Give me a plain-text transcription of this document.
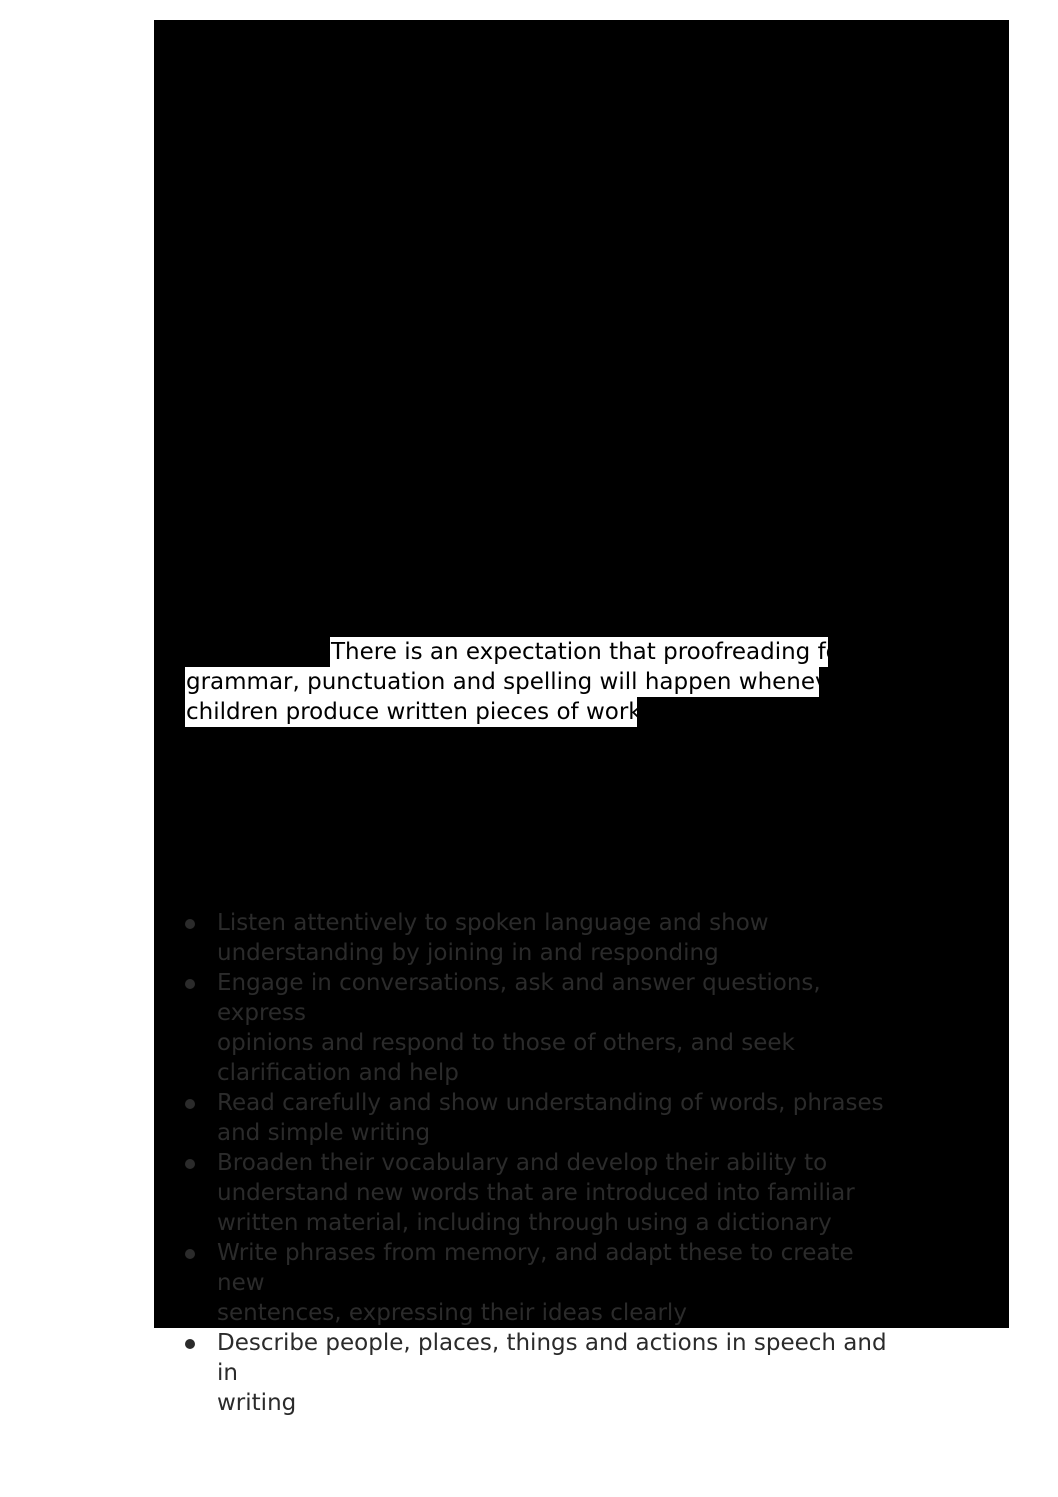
There is an expectation that proofreading for
grammar, punctuation and spelling will happen whenever
children produce written pieces of work.
Listen attentively to spoken language and show
understanding by joining in and responding
Engage in conversations, ask and answer questions, express
opinions and respond to those of others, and seek
clarification and help
Read carefully and show understanding of words, phrases
and simple writing
Broaden their vocabulary and develop their ability to
understand new words that are introduced into familiar
written material, including through using a dictionary
Write phrases from memory, and adapt these to create new
sentences, expressing their ideas clearly
Describe people, places, things and actions in speech and in
writing
